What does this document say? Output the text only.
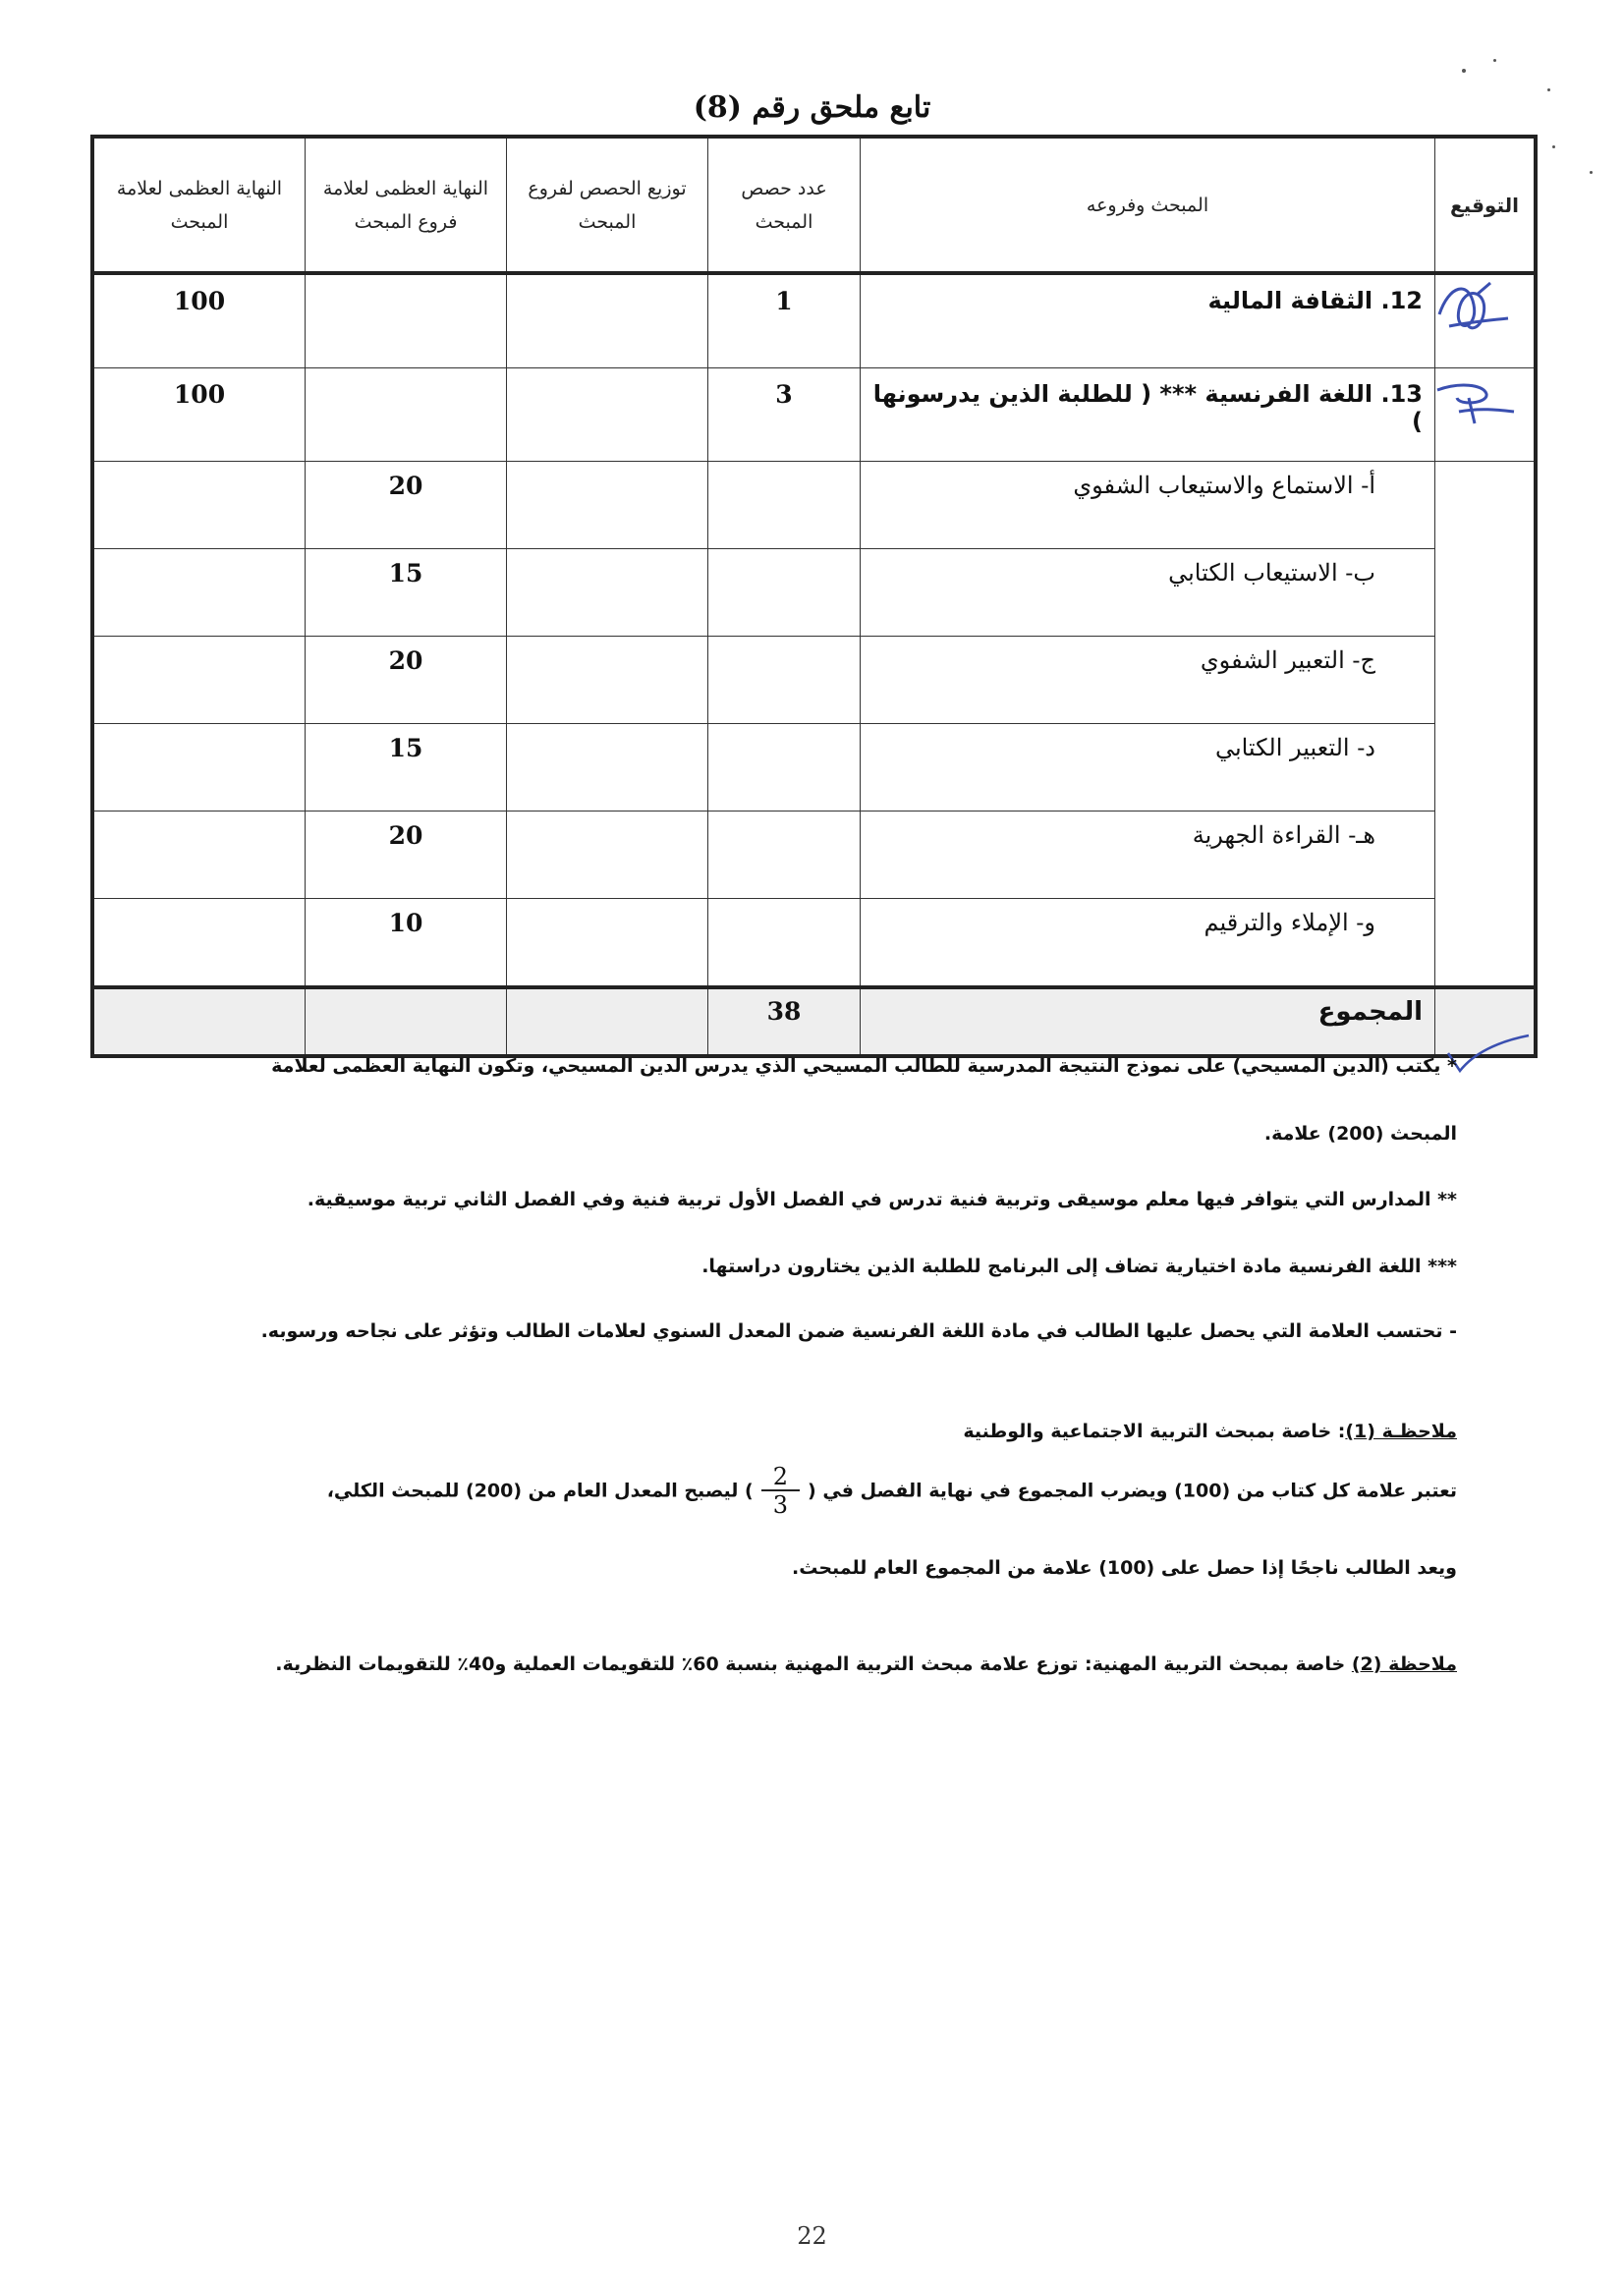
تابع ملحق رقم (8)
التوقيع	المبحث وفروعه	عدد حصص المبحث	توزيع الحصص لفروع المبحث	النهاية العظمى لعلامة فروع المبحث	النهاية العظمى لعلامة المبحث

	12. الثقافة المالية	1			100

	13. اللغة الفرنسية *** ( للطلبة الذين يدرسونها )	3			100
	أ- الاستماع والاستيعاب الشفوي			20	
	ب- الاستيعاب الكتابي			15	
	ج- التعبير الشفوي			20	
	د- التعبير الكتابي			15	
	هـ- القراءة الجهرية			20	
	و- الإملاء والترقيم			10	
	المجموع	38			
* يكتب (الدين المسيحي) على نموذج النتيجة المدرسية للطالب المسيحي الذي يدرس الدين المسيحي، وتكون النهاية العظمى لعلامة
المبحث (200) علامة.
** المدارس التي يتوافر فيها معلم موسيقى وتربية فنية تدرس في الفصل الأول تربية فنية وفي الفصل الثاني تربية موسيقية.
*** اللغة الفرنسية مادة اختيارية تضاف إلى البرنامج للطلبة الذين يختارون دراستها.
- تحتسب العلامة التي يحصل عليها الطالب في مادة اللغة الفرنسية ضمن المعدل السنوي لعلامات الطالب وتؤثر على نجاحه ورسوبه.
ملاحظـة (1): خاصة بمبحث التربية الاجتماعية والوطنية
تعتبر علامة كل كتاب من (100) ويضرب المجموع في نهاية الفصل في (
$\frac{2}{3}$
) ليصبح المعدل العام من (200) للمبحث الكلي،
ويعد الطالب ناجحًا إذا حصل على (100) علامة من المجموع العام للمبحث.
ملاحظة (2) خاصة بمبحث التربية المهنية: توزع علامة مبحث التربية المهنية بنسبة 60٪ للتقويمات العملية و40٪ للتقويمات النظرية.
22
